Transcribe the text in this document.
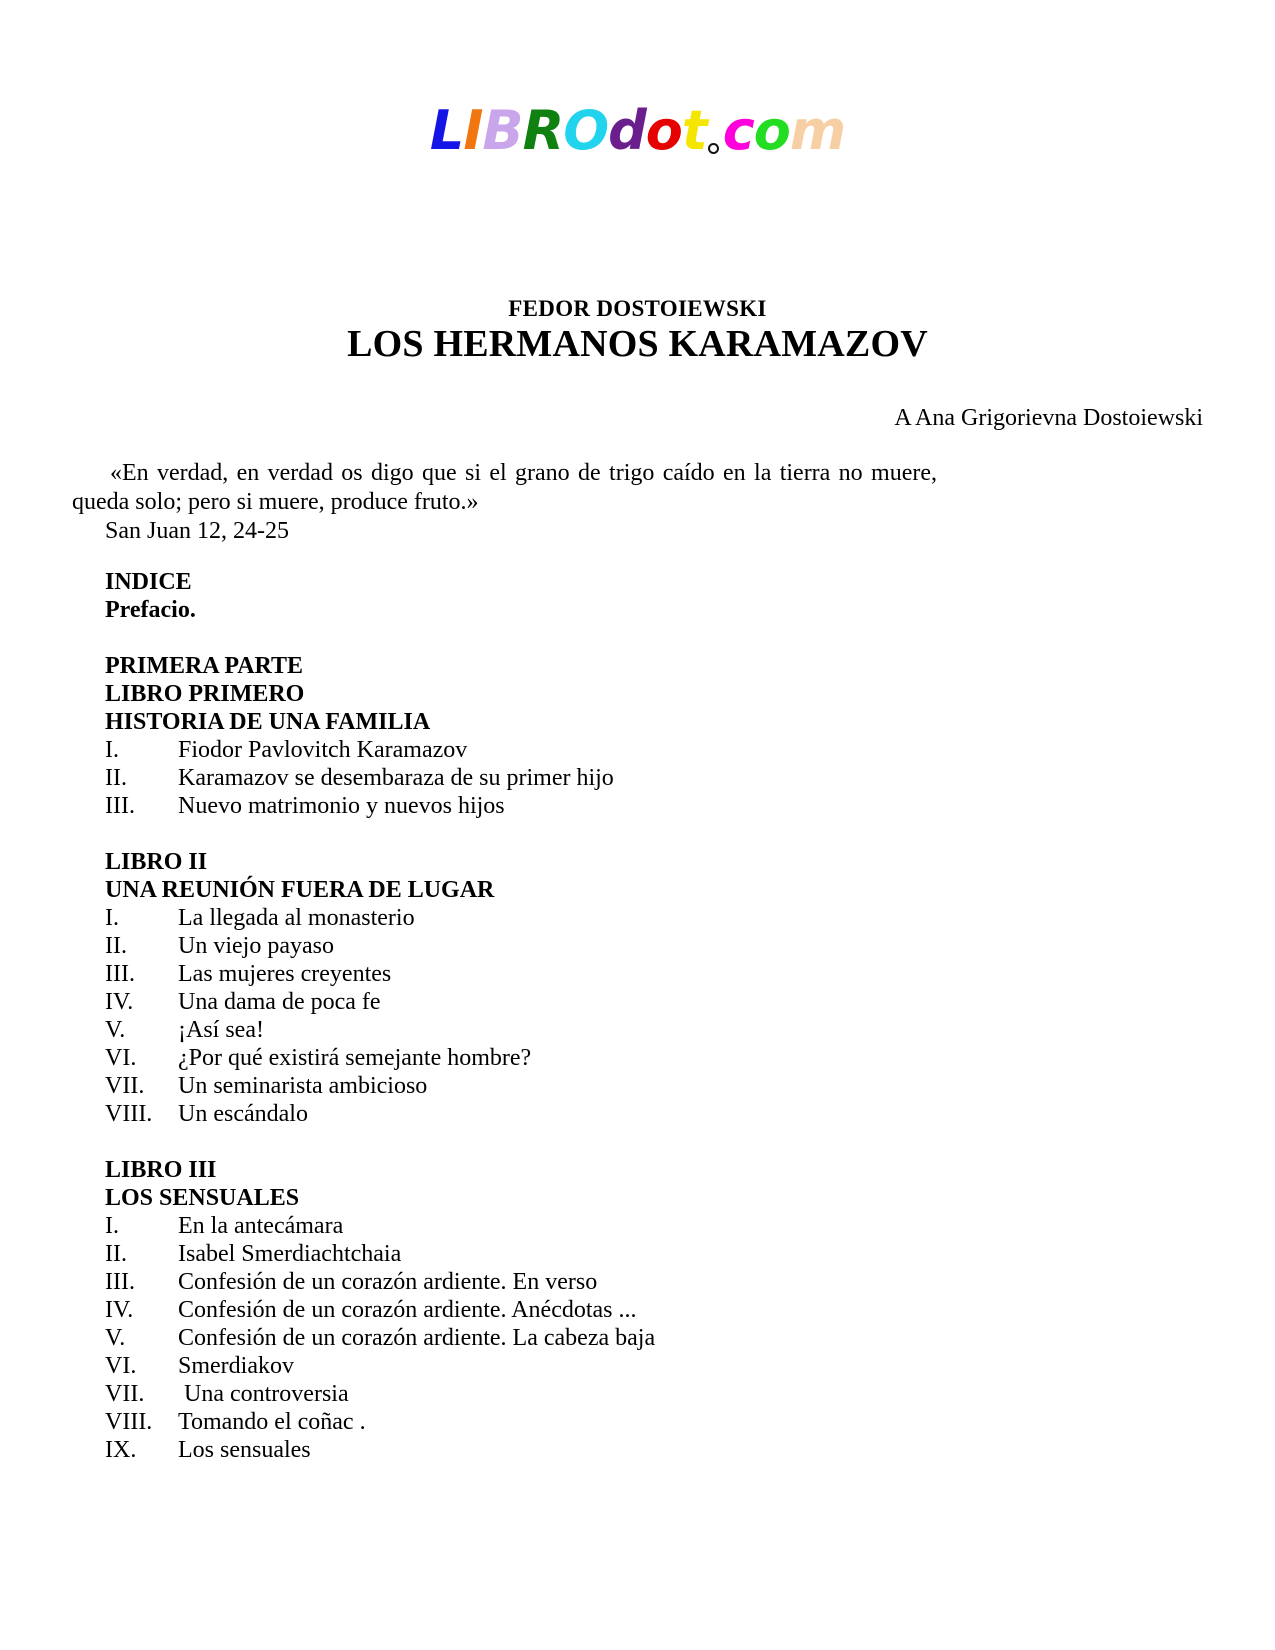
LIBROdot com
FEDOR DOSTOIEWSKI
LOS HERMANOS KARAMAZOV
A Ana Grigorievna Dostoiewski
«En verdad, en verdad os digo que si el grano de trigo caído en la tierra no muere, queda solo; pero si muere, produce fruto.»
San Juan 12, 24-25
INDICE
Prefacio.
PRIMERA PARTE
LIBRO PRIMERO
HISTORIA DE UNA FAMILIA
I. Fiodor Pavlovitch Karamazov
II. Karamazov se desembaraza de su primer hijo
III. Nuevo matrimonio y nuevos hijos
LIBRO II
UNA REUNIÓN FUERA DE LUGAR
I. La llegada al monasterio
II. Un viejo payaso
III. Las mujeres creyentes
IV. Una dama de poca fe
V. ¡Así sea!
VI. ¿Por qué existirá semejante hombre?
VII. Un seminarista ambicioso
VIII. Un escándalo
LIBRO III
LOS SENSUALES
I. En la antecámara
II. Isabel Smerdiachtchaia
III. Confesión de un corazón ardiente. En verso
IV. Confesión de un corazón ardiente. Anécdotas ...
V. Confesión de un corazón ardiente. La cabeza baja
VI. Smerdiakov
VII. Una controversia
VIII. Tomando el coñac .
IX. Los sensuales
